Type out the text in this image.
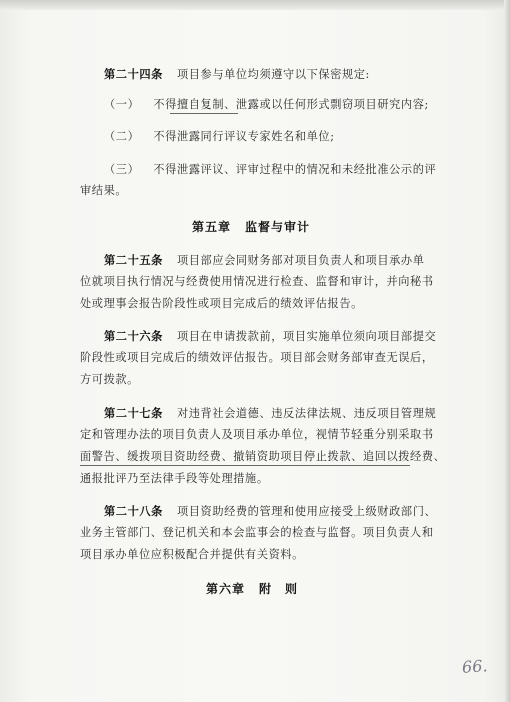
第二十四条 项目参与单位均须遵守以下保密规定:
（一） 不得擅自复制、泄露或以任何形式剽窃项目研究内容;
（二） 不得泄露同行评议专家姓名和单位;
（三） 不得泄露评议、评审过程中的情况和未经批准公示的评
审结果。
第五章 监督与审计
第二十五条 项目部应会同财务部对项目负责人和项目承办单
位就项目执行情况与经费使用情况进行检查、监督和审计，并向秘书
处或理事会报告阶段性或项目完成后的绩效评估报告。
第二十六条 项目在申请拨款前，项目实施单位须向项目部提交
阶段性或项目完成后的绩效评估报告。项目部会财务部审查无误后，
方可拨款。
第二十七条 对违背社会道德、违反法律法规、违反项目管理规
定和管理办法的项目负责人及项目承办单位，视情节轻重分别采取书
面警告、缓拨项目资助经费、撤销资助项目停止拨款、追回以拨经费、
通报批评乃至法律手段等处理措施。
第二十八条 项目资助经费的管理和使用应接受上级财政部门、
业务主管部门、登记机关和本会监事会的检查与监督。项目负责人和
项目承办单位应积极配合并提供有关资料。
第六章 附　则
66.
